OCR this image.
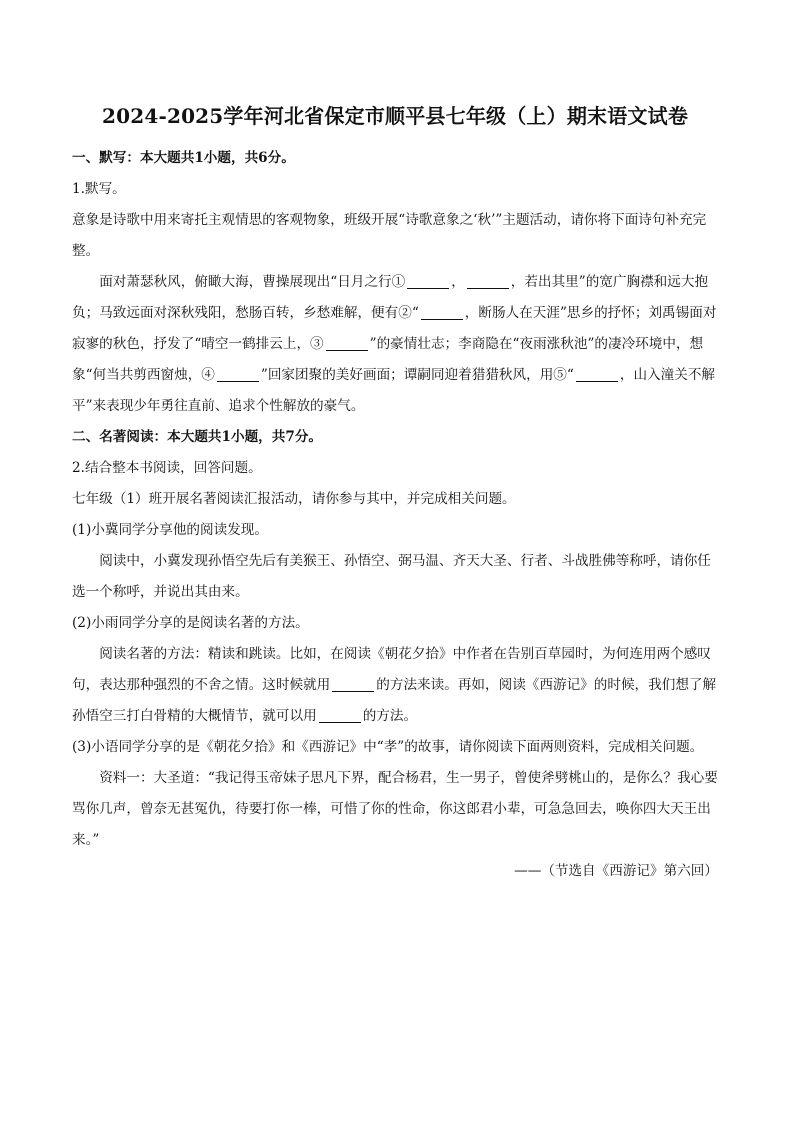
2024-2025学年河北省保定市顺平县七年级（上）期末语文试卷

一、默写：本大题共1小题，共6分。

1.默写。

意象是诗歌中用来寄托主观情思的客观物象，班级开展“诗歌意象之‘秋’”主题活动，请你将下面诗句补充完整。

面对萧瑟秋风，俯瞰大海，曹操展现出“日月之行①	，	，若出其里”的宽广胸襟和远大抱负；马致远面对深秋残阳，愁肠百转，乡愁难解，便有②“	，断肠人在天涯”思乡的抒怀；刘禹锡面对寂寥的秋色，抒发了“晴空一鹤排云上，③	”的豪情壮志；李商隐在“夜雨涨秋池”的凄冷环境中，想象“何当共剪西窗烛，④	”回家团聚的美好画面；谭嗣同迎着猎猎秋风，用⑤“	，山入潼关不解平”来表现少年勇往直前、追求个性解放的豪气。

二、名著阅读：本大题共1小题，共7分。

2.结合整本书阅读，回答问题。

七年级（1）班开展名著阅读汇报活动，请你参与其中，并完成相关问题。

(1)小冀同学分享他的阅读发现。

阅读中，小冀发现孙悟空先后有美猴王、孙悟空、弼马温、齐天大圣、行者、斗战胜佛等称呼，请你任选一个称呼，并说出其由来。

(2)小雨同学分享的是阅读名著的方法。

阅读名著的方法：精读和跳读。比如，在阅读《朝花夕拾》中作者在告别百草园时，为何连用两个感叹句，表达那种强烈的不舍之情。这时候就用	的方法来读。再如，阅读《西游记》的时候，我们想了解孙悟空三打白骨精的大概情节，就可以用	的方法。

(3)小语同学分享的是《朝花夕拾》和《西游记》中“孝”的故事，请你阅读下面两则资料，完成相关问题。

资料一：大圣道：“我记得玉帝妹子思凡下界，配合杨君，生一男子，曾使斧劈桃山的，是你么？我心要骂你几声，曾奈无甚冤仇，待要打你一棒，可惜了你的性命，你这郎君小辈，可急急回去，唤你四大天王出来。”

——（节选自《西游记》第六回）
